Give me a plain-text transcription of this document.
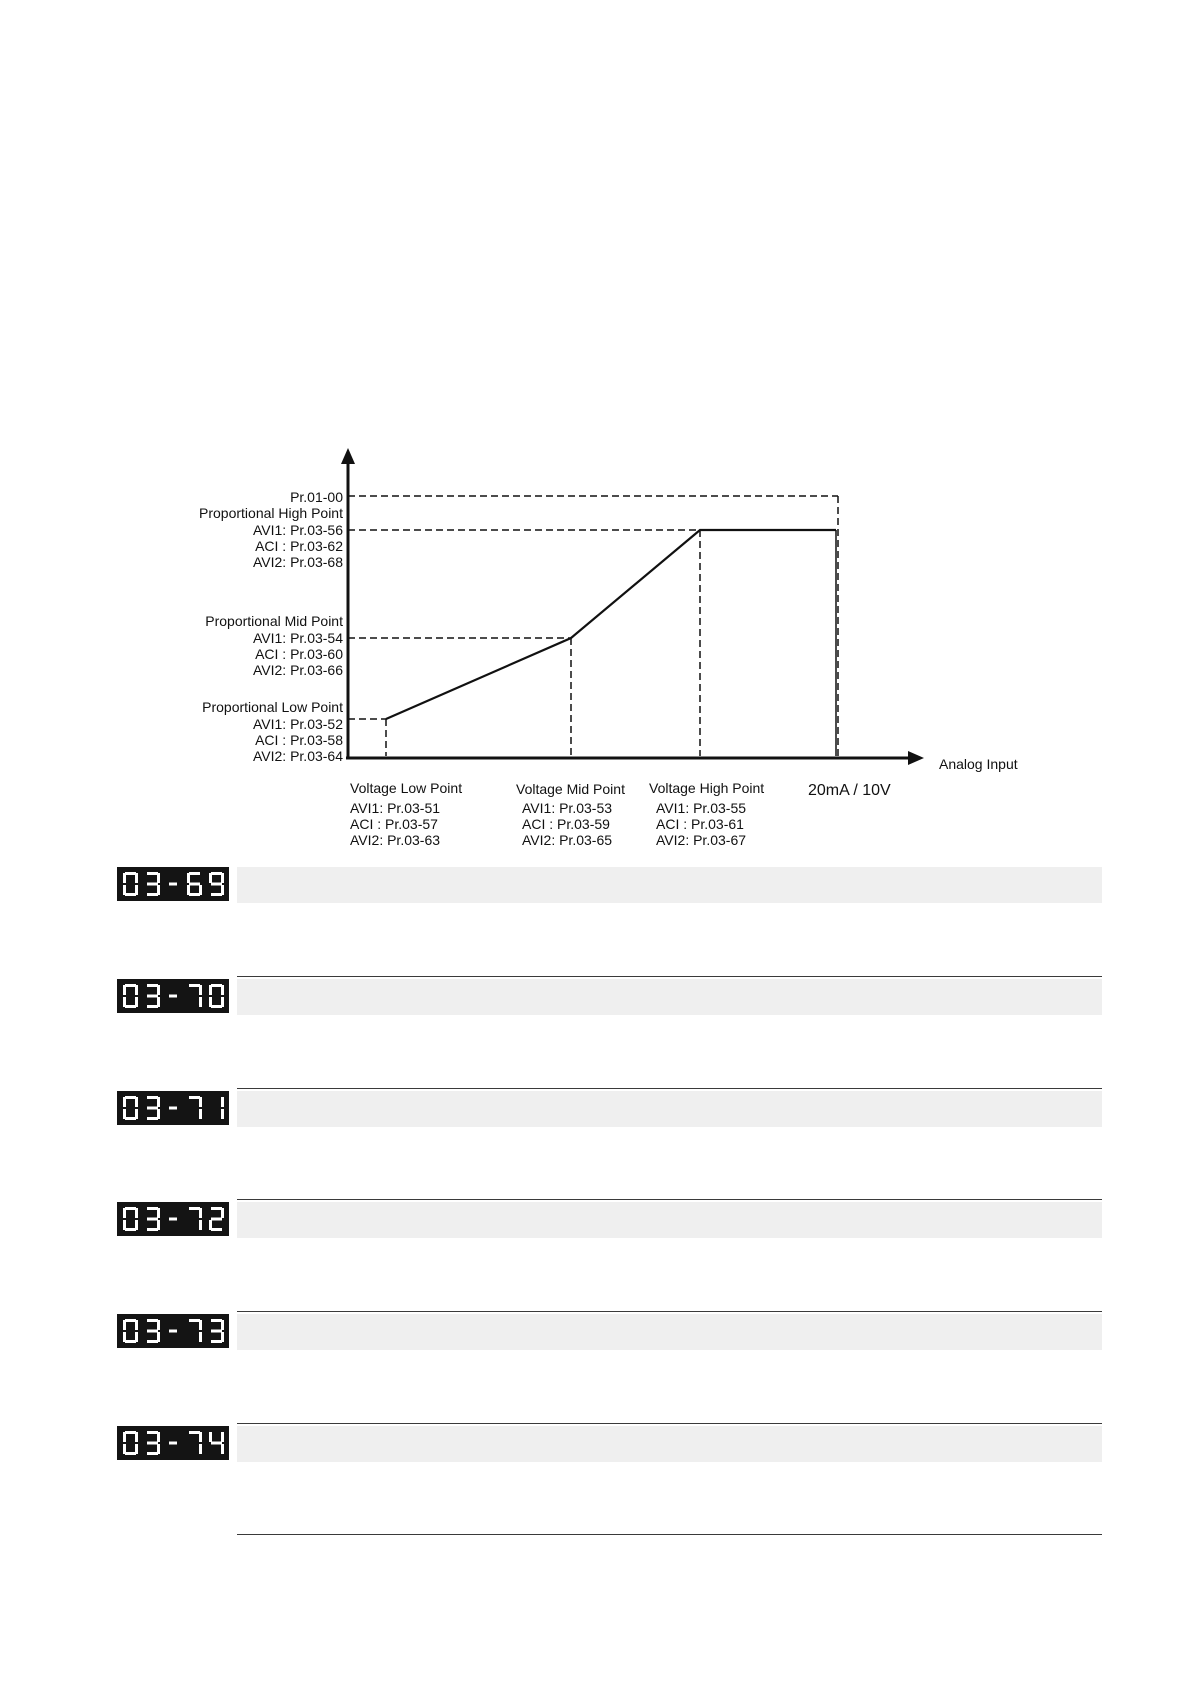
Pr.01-00
Proportional High Point
AVI1: Pr.03-56
ACI : Pr.03-62
AVI2: Pr.03-68
Proportional Mid Point
AVI1: Pr.03-54
ACI : Pr.03-60
AVI2: Pr.03-66
Proportional Low Point
AVI1: Pr.03-52
ACI : Pr.03-58
AVI2: Pr.03-64
Voltage Low Point
AVI1: Pr.03-51
ACI : Pr.03-57
AVI2: Pr.03-63
Voltage Mid Point
AVI1: Pr.03-53
ACI : Pr.03-59
AVI2: Pr.03-65
Voltage High Point
AVI1: Pr.03-55
ACI : Pr.03-61
AVI2: Pr.03-67
20mA / 10V
Analog Input
